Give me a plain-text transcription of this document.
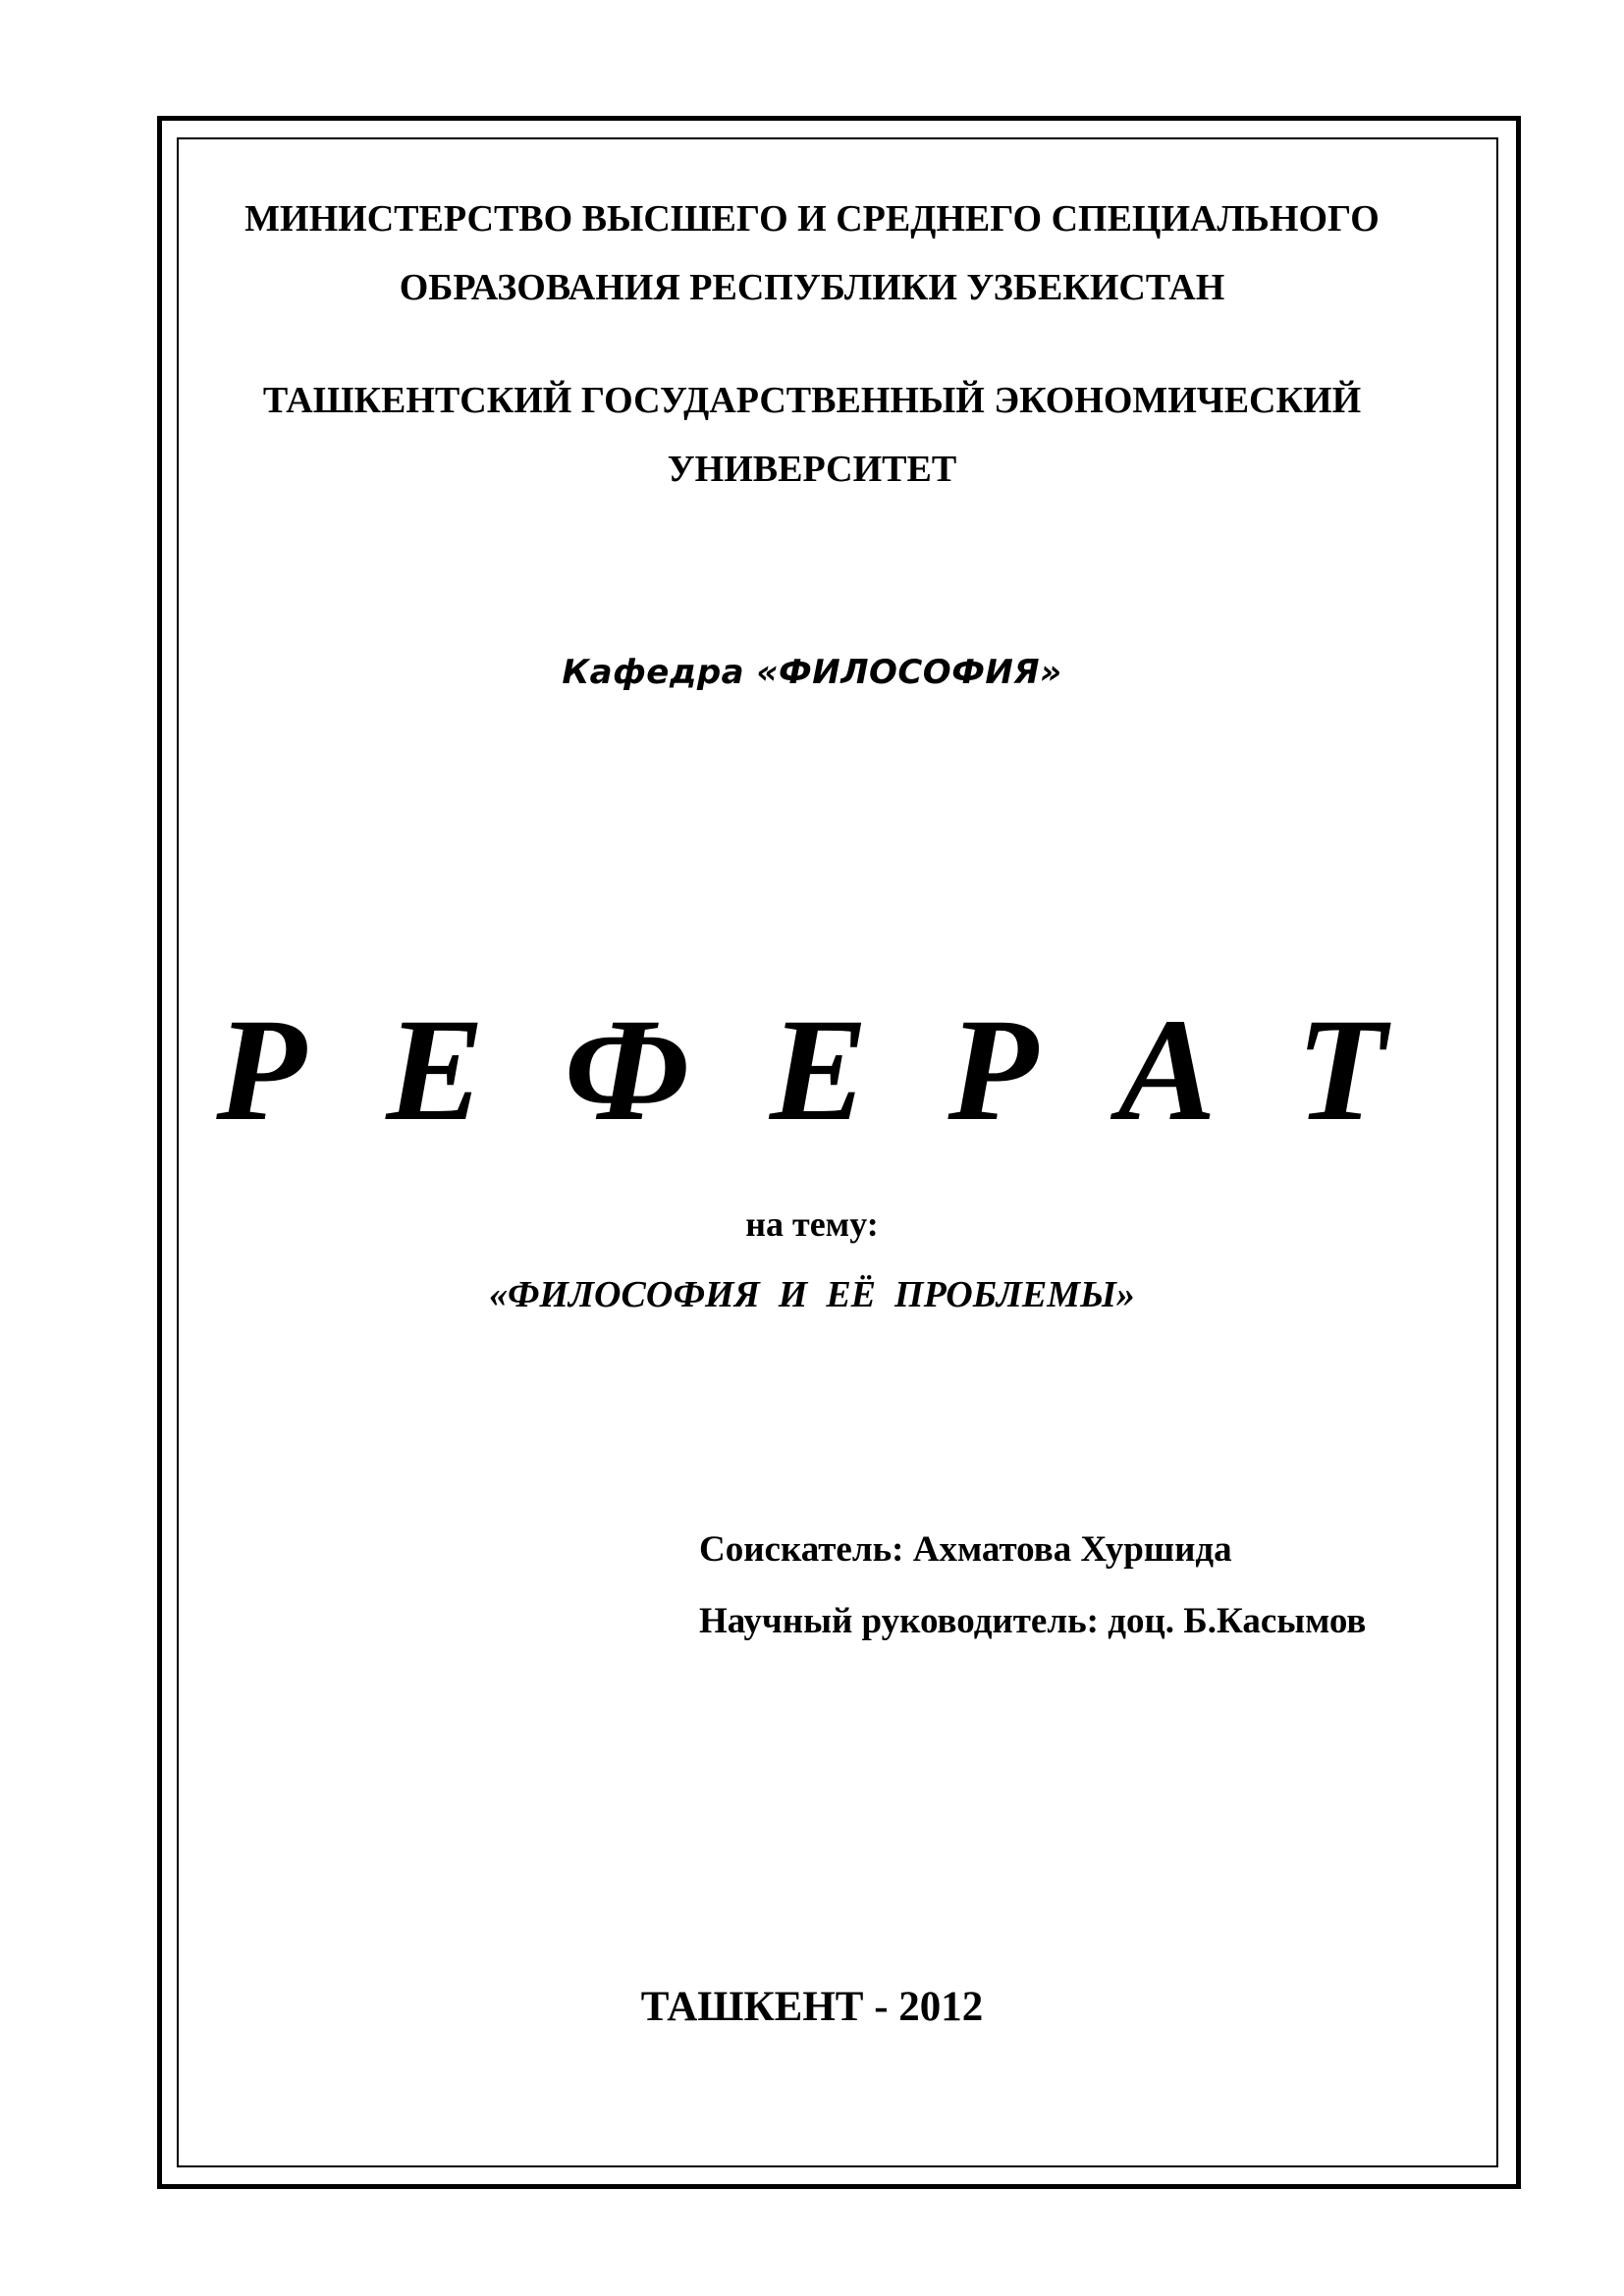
МИНИСТЕРСТВО ВЫСШЕГО И СРЕДНЕГО СПЕЦИАЛЬНОГО
ОБРАЗОВАНИЯ РЕСПУБЛИКИ УЗБЕКИСТАН
ТАШКЕНТСКИЙ ГОСУДАРСТВЕННЫЙ ЭКОНОМИЧЕСКИЙ
УНИВЕРСИТЕТ
Кафедра «ФИЛОСОФИЯ»
Р Е Ф Е Р А Т
на тему:
«ФИЛОСОФИЯ  И  ЕЁ  ПРОБЛЕМЫ»
Соискатель: Ахматова Хуршида
Научный руководитель: доц. Б.Касымов
ТАШКЕНТ - 2012
